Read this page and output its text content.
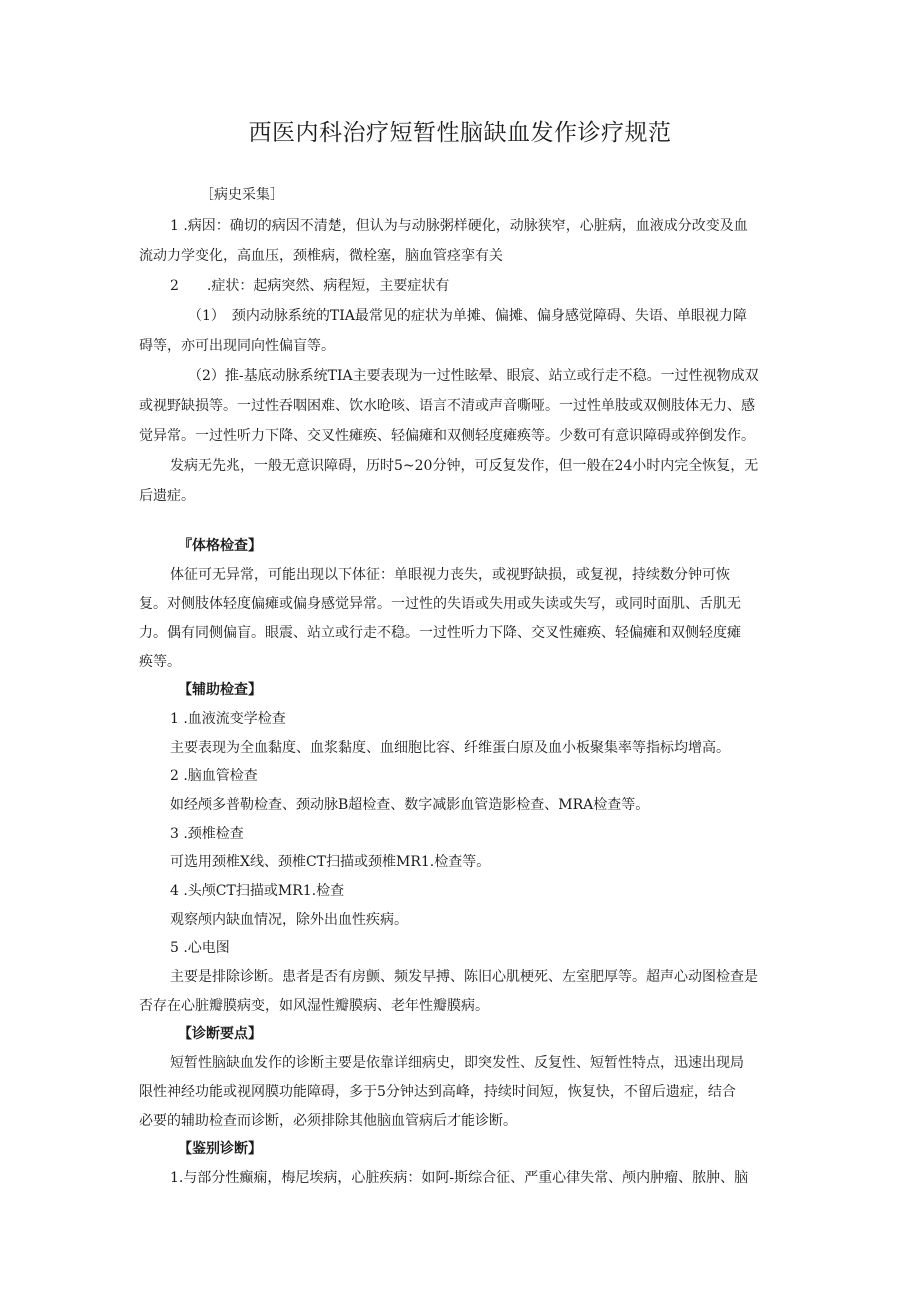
西医内科治疗短暂性脑缺血发作诊疗规范
［病史采集］
1 .病因：确切的病因不清楚，但认为与动脉粥样硬化，动脉狭窄，心脏病，血液成分改变及血
流动力学变化，高血压，颈椎病，微栓塞，脑血管痉挛有关
2　　.症状：起病突然、病程短，主要症状有
（1）　颈内动脉系统的TIA最常见的症状为单摊、偏摊、偏身感觉障碍、失语、单眼视力障
碍等，亦可出现同向性偏盲等。
（2）推-基底动脉系统TIA主要表现为一过性眩晕、眼宸、站立或行走不稳。一过性视物成双
或视野缺损等。一过性吞咽困难、饮水呛咳、语言不清或声音嘶哑。一过性单肢或双侧肢体无力、感
觉异常。一过性听力下降、交叉性瘫痪、轻偏瘫和双侧轻度瘫痪等。少数可有意识障碍或猝倒发作。
发病无先兆，一般无意识障碍，历时5~20分钟，可反复发作，但一般在24小时内完全恢复，无
后遗症。
『体格检查】
体征可无异常，可能出现以下体征：单眼视力丧失，或视野缺损，或复视，持续数分钟可恢
复。对侧肢体轻度偏瘫或偏身感觉异常。一过性的失语或失用或失读或失写，或同时面肌、舌肌无
力。偶有同侧偏盲。眼震、站立或行走不稳。一过性听力下降、交叉性瘫痪、轻偏瘫和双侧轻度瘫
痪等。
【辅助检查】
1 .血液流变学检查
主要表现为全血黏度、血浆黏度、血细胞比容、纤维蛋白原及血小板聚集率等指标均增高。
2 .脑血管检查
如经颅多普勒检查、颈动脉B超检查、数字减影血管造影检查、MRA检查等。
3 .颈椎检查
可选用颈椎X线、颈椎CT扫描或颈椎MR1.检查等。
4 .头颅CT扫描或MR1.检查
观察颅内缺血情况，除外出血性疾病。
5 .心电图
主要是排除诊断。患者是否有房颤、频发早搏、陈旧心肌梗死、左室肥厚等。超声心动图检查是
否存在心脏瓣膜病变，如风湿性瓣膜病、老年性瓣膜病。
【诊断要点】
短暂性脑缺血发作的诊断主要是依靠详细病史，即突发性、反复性、短暂性特点，迅速出现局
限性神经功能或视网膜功能障碍，多于5分钟达到高峰，持续时间短，恢复快，不留后遗症，结合
必要的辅助检查而诊断，必须排除其他脑血管病后才能诊断。
【鉴别诊断】
1.与部分性癫痫，梅尼埃病，心脏疾病：如阿-斯综合征、严重心律失常、颅内肿瘤、脓肿、脑
